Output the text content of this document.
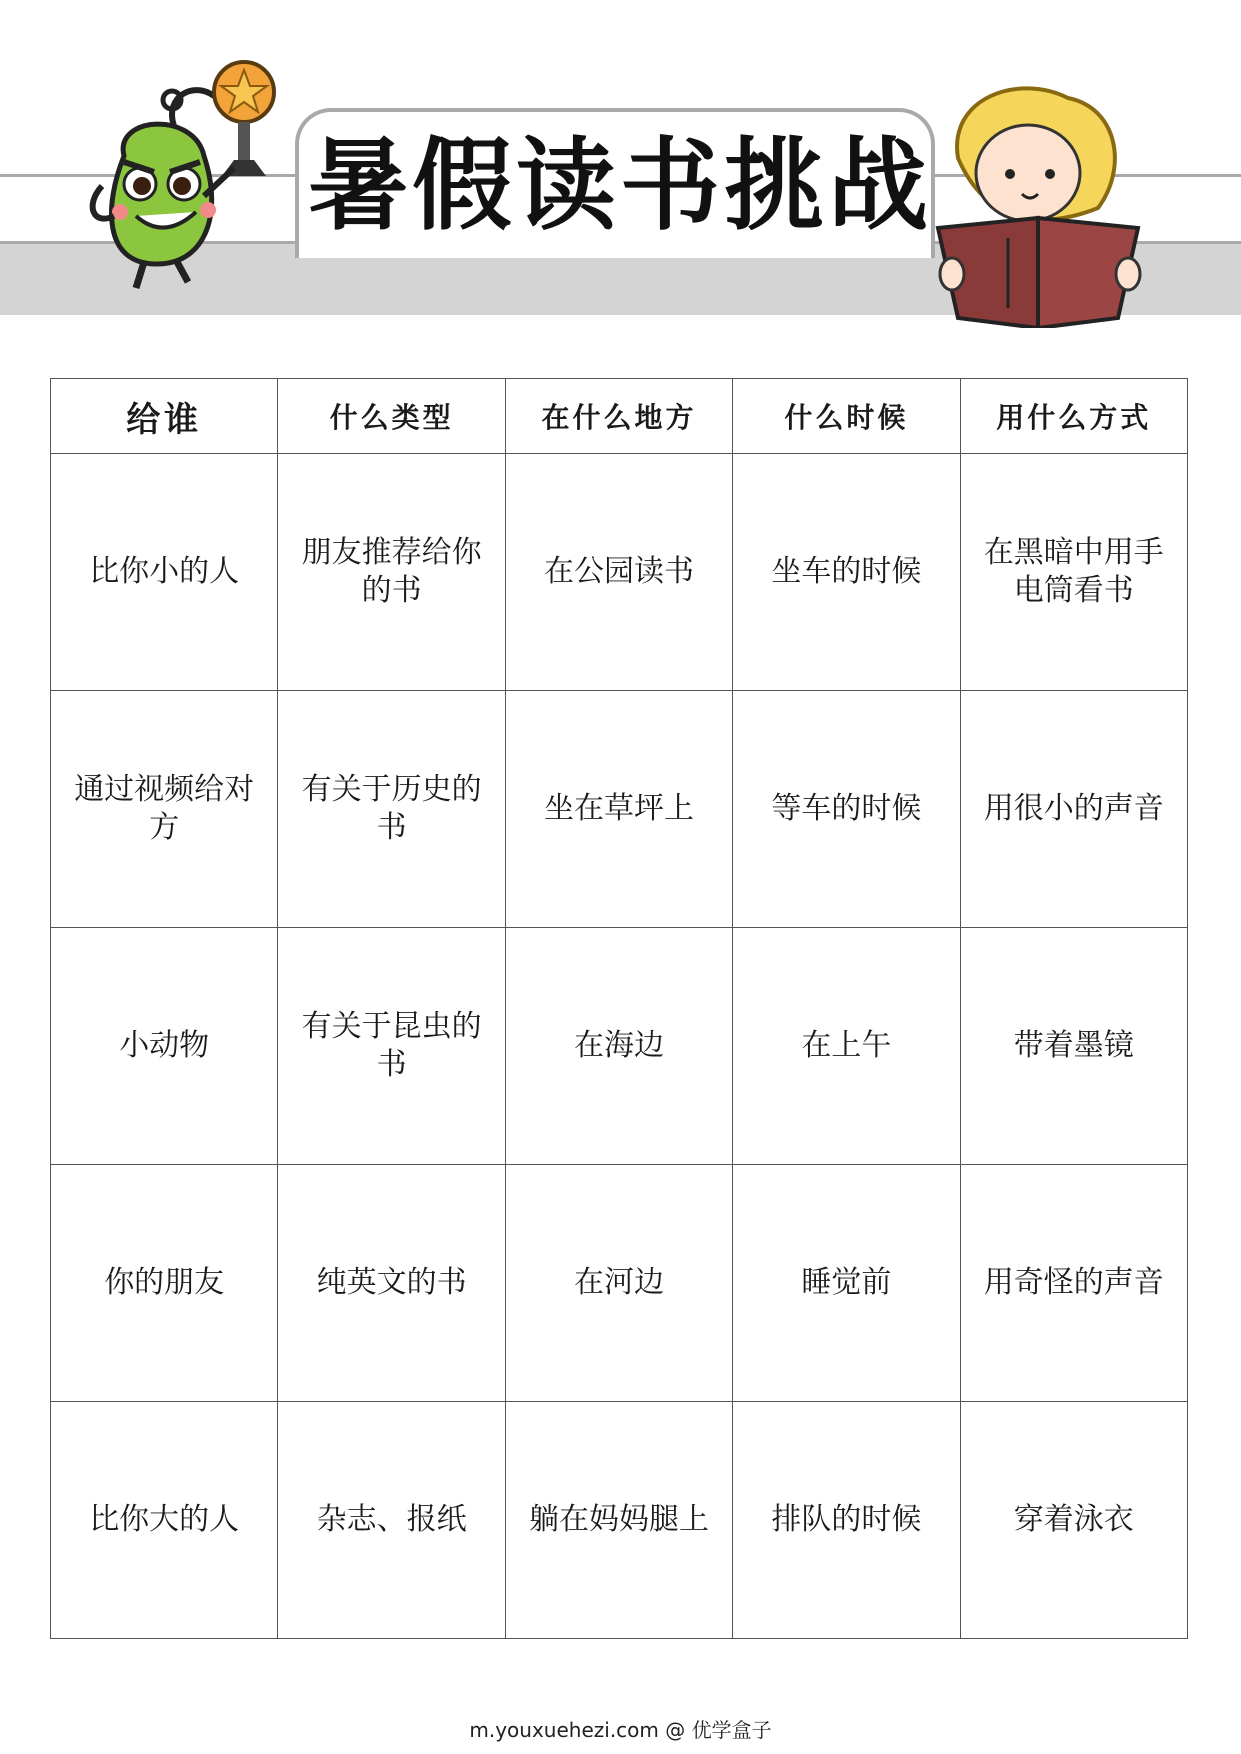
暑假读书挑战
给谁	什么类型	在什么地方	什么时候	用什么方式
比你小的人	朋友推荐给你的书	在公园读书	坐车的时候	在黑暗中用手电筒看书
通过视频给对方	有关于历史的书	坐在草坪上	等车的时候	用很小的声音
小动物	有关于昆虫的书	在海边	在上午	带着墨镜
你的朋友	纯英文的书	在河边	睡觉前	用奇怪的声音
比你大的人	杂志、报纸	躺在妈妈腿上	排队的时候	穿着泳衣
m.youxuehezi.com @ 优学盒子
